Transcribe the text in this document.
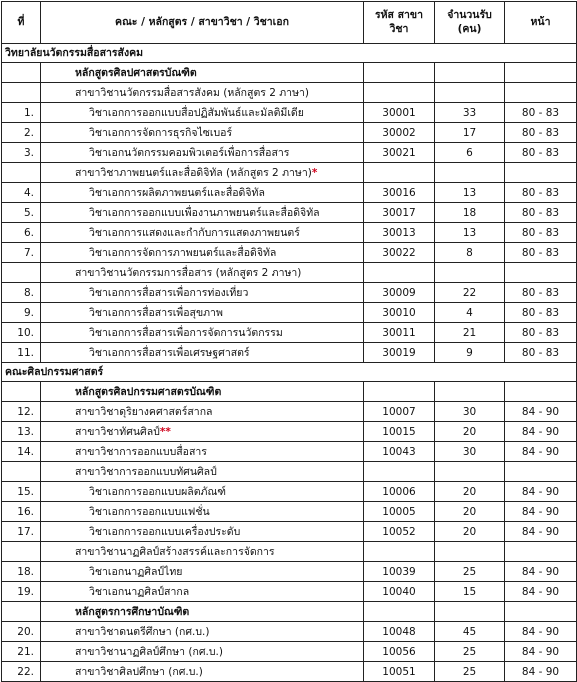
ที่	คณะ / หลักสูตร / สาขาวิชา / วิชาเอก	รหัส สาขาวิชา	จำนวนรับ (คน)	หน้า
วิทยาลัยนวัตกรรมสื่อสารสังคม				
	หลักสูตรศิลปศาสตรบัณฑิต			
	สาขาวิชานวัตกรรมสื่อสารสังคม (หลักสูตร 2 ภาษา)			
1.	วิชาเอกการออกแบบสื่อปฏิสัมพันธ์และมัลติมีเดีย	30001	33	80 - 83
2.	วิชาเอกการจัดการธุรกิจไซเบอร์	30002	17	80 - 83
3.	วิชาเอกนวัตกรรมคอมพิวเตอร์เพื่อการสื่อสาร	30021	6	80 - 83
	สาขาวิชาภาพยนตร์และสื่อดิจิทัล (หลักสูตร 2 ภาษา)*			
4.	วิชาเอกการผลิตภาพยนตร์และสื่อดิจิทัล	30016	13	80 - 83
5.	วิชาเอกการออกแบบเพื่องานภาพยนตร์และสื่อดิจิทัล	30017	18	80 - 83
6.	วิชาเอกการแสดงและกำกับการแสดงภาพยนตร์	30013	13	80 - 83
7.	วิชาเอกการจัดการภาพยนตร์และสื่อดิจิทัล	30022	8	80 - 83
	สาขาวิชานวัตกรรมการสื่อสาร (หลักสูตร 2 ภาษา)			
8.	วิชาเอกการสื่อสารเพื่อการท่องเที่ยว	30009	22	80 - 83
9.	วิชาเอกการสื่อสารเพื่อสุขภาพ	30010	4	80 - 83
10.	วิชาเอกการสื่อสารเพื่อการจัดการนวัตกรรม	30011	21	80 - 83
11.	วิชาเอกการสื่อสารเพื่อเศรษฐศาสตร์	30019	9	80 - 83
คณะศิลปกรรมศาสตร์				
	หลักสูตรศิลปกรรมศาสตรบัณฑิต			
12.	สาขาวิชาดุริยางคศาสตร์สากล	10007	30	84 - 90
13.	สาขาวิชาทัศนศิลป์**	10015	20	84 - 90
14.	สาขาวิชาการออกแบบสื่อสาร	10043	30	84 - 90
	สาขาวิชาการออกแบบทัศนศิลป์			
15.	วิชาเอกการออกแบบผลิตภัณฑ์	10006	20	84 - 90
16.	วิชาเอกการออกแบบแฟชั่น	10005	20	84 - 90
17.	วิชาเอกการออกแบบเครื่องประดับ	10052	20	84 - 90
	สาขาวิชานาฏศิลป์สร้างสรรค์และการจัดการ			
18.	วิชาเอกนาฏศิลป์ไทย	10039	25	84 - 90
19.	วิชาเอกนาฏศิลป์สากล	10040	15	84 - 90
	หลักสูตรการศึกษาบัณฑิต			
20.	สาขาวิชาดนตรีศึกษา (กศ.บ.)	10048	45	84 - 90
21.	สาขาวิชานาฏศิลป์ศึกษา (กศ.บ.)	10056	25	84 - 90
22.	สาขาวิชาศิลปศึกษา (กศ.บ.)	10051	25	84 - 90
